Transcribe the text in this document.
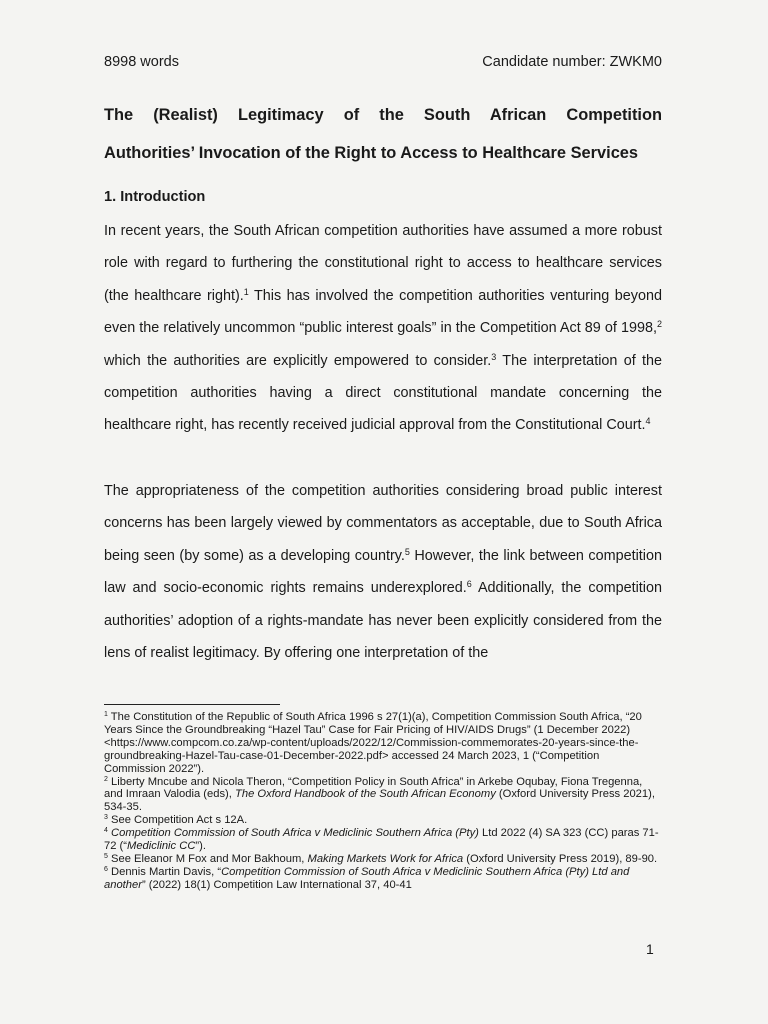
8998 words	Candidate number: ZWKM0
The (Realist) Legitimacy of the South African Competition
Authorities’ Invocation of the Right to Access to Healthcare Services
1. Introduction

In recent years, the South African competition authorities have assumed a more robust role with regard to furthering the constitutional right to access to healthcare services (the healthcare right).$^1$ This has involved the competition authorities venturing beyond even the relatively uncommon “public interest goals” in the Competition Act 89 of 1998,$^2$ which the authorities are explicitly empowered to consider.$^3$ The interpretation of the competition authorities having a direct constitutional mandate concerning the healthcare right, has recently received judicial approval from the Constitutional Court.$^4$

The appropriateness of the competition authorities considering broad public interest concerns has been largely viewed by commentators as acceptable, due to South Africa being seen (by some) as a developing country.$^5$ However, the link between competition law and socio-economic rights remains underexplored.$^6$ Additionally, the competition authorities’ adoption of a rights-mandate has never been explicitly considered from the lens of realist legitimacy. By offering one interpretation of the

$^1$ The Constitution of the Republic of South Africa 1996 s 27(1)(a), Competition Commission South Africa, “20 Years Since the Groundbreaking “Hazel Tau” Case for Fair Pricing of HIV/AIDS Drugs” (1 December 2022) <https://www.compcom.co.za/wp-content/uploads/2022/12/Commission-commemorates-20-years-since-the-groundbreaking-Hazel-Tau-case-01-December-2022.pdf> accessed 24 March 2023, 1 (“Competition Commission 2022”).

$^2$ Liberty Mncube and Nicola Theron, “Competition Policy in South Africa” in Arkebe Oqubay, Fiona Tregenna, and Imraan Valodia (eds), The Oxford Handbook of the South African Economy (Oxford University Press 2021), 534-35.

$^3$ See Competition Act s 12A.

$^4$ Competition Commission of South Africa v Mediclinic Southern Africa (Pty) Ltd 2022 (4) SA 323 (CC) paras 71-72 (“Mediclinic CC”).

$^5$ See Eleanor M Fox and Mor Bakhoum, Making Markets Work for Africa (Oxford University Press 2019), 89-90.

$^6$ Dennis Martin Davis, “Competition Commission of South Africa v Mediclinic Southern Africa (Pty) Ltd and another” (2022) 18(1) Competition Law International 37, 40-41

1
